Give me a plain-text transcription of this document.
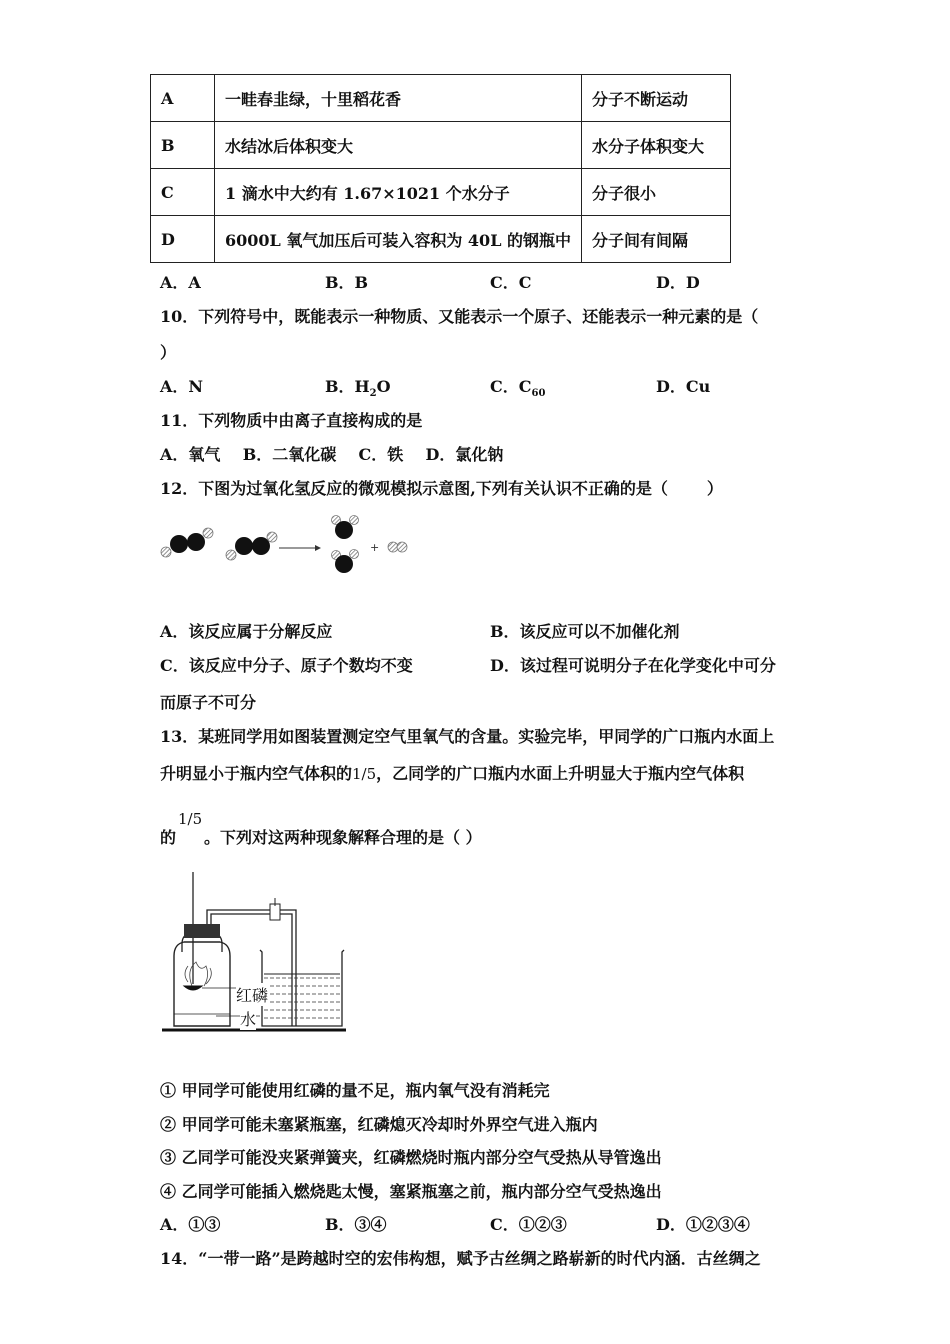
A	一畦春韭绿，十里稻花香	分子不断运动
B	水结冰后体积变大	水分子体积变大
C	1 滴水中大约有 1.67×1021 个水分子	分子很小
D	6000L 氧气加压后可装入容积为 40L 的钢瓶中	分子间有间隔
A．A	B．B	C．C	D．D
10．下列符号中，既能表示一种物质、又能表示一个原子、还能表示一种元素的是（
）
A．N	B．$H_2O$	C．$C_{60}$	D．Cu
11．下列物质中由离子直接构成的是
A．氧气    B．二氧化碳    C．铁    D．氯化钠
12．下图为过氧化氢反应的微观模拟示意图,下列有关认识不正确的是（       ）
+
A．该反应属于分解反应	B．该反应可以不加催化剂
C．该反应中分子、原子个数均不变	D．该过程可说明分子在化学变化中可分
而原子不可分
13．某班同学用如图装置测定空气里氧气的含量。实验完毕，甲同学的广口瓶内水面上
升明显小于瓶内空气体积的1/5，乙同学的广口瓶内水面上升明显大于瓶内空气体积
的
1/5
。下列对这两种现象解释合理的是（ ）
红磷
水
① 甲同学可能使用红磷的量不足，瓶内氧气没有消耗完
② 甲同学可能未塞紧瓶塞，红磷熄灭冷却时外界空气进入瓶内
③ 乙同学可能没夹紧弹簧夹，红磷燃烧时瓶内部分空气受热从导管逸出
④ 乙同学可能插入燃烧匙太慢，塞紧瓶塞之前，瓶内部分空气受热逸出
A．①③	B．③④	C．①②③	D．①②③④
14．“一带一路”是跨越时空的宏伟构想，赋予古丝绸之路崭新的时代内涵．古丝绸之
